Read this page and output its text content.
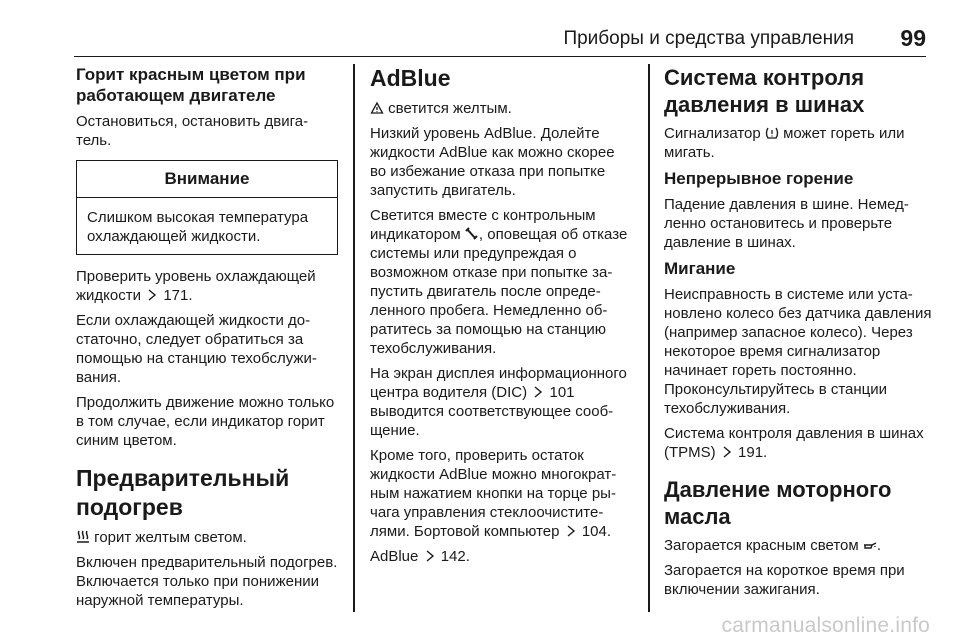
Приборы и средства управления 99
Горит красным цветом при работающем двигателе

Остановиться, остановить двигатель.

Внимание

Слишком высокая температура охлаждающей жидкости.

Проверить уровень охлаждающей жидкости 171.

Если охлаждающей жидкости достаточно, следует обратиться за помощью на станцию техобслуживания.

Продолжить движение можно только в том случае, если индикатор горит синим цветом.

Предварительный подогрев

горит желтым светом.

Включен предварительный подогрев. Включается только при понижении наружной температуры.

AdBlue

светится желтым.

Низкий уровень AdBlue. Долейте жидкости AdBlue как можно скорее во избежание отказа при попытке запустить двигатель.

Светится вместе с контрольным индикатором , оповещая об отказе системы или предупреждая о возможном отказе при попытке запустить двигатель после определенного пробега. Немедленно обратитесь за помощью на станцию техобслуживания.

На экран дисплея информационного центра водителя (DIC) 101 выводится соответствующее сообщение.

Кроме того, проверить остаток жидкости AdBlue можно многократным нажатием кнопки на торце рычага управления стеклоочистителями. Бортовой компьютер 104.

AdBlue 142.

Система контроля давления в шинах

Сигнализатор может гореть или мигать.

Непрерывное горение

Падение давления в шине. Немедленно остановитесь и проверьте давление в шинах.

Мигание

Неисправность в системе или установлено колесо без датчика давления (например запасное колесо). Через некоторое время сигнализатор начинает гореть постоянно. Проконсультируйтесь в станции техобслуживания.

Система контроля давления в шинах (TPMS) 191.

Давление моторного масла

Загорается красным светом .

Загорается на короткое время при включении зажигания.

carmanualsonline.info
